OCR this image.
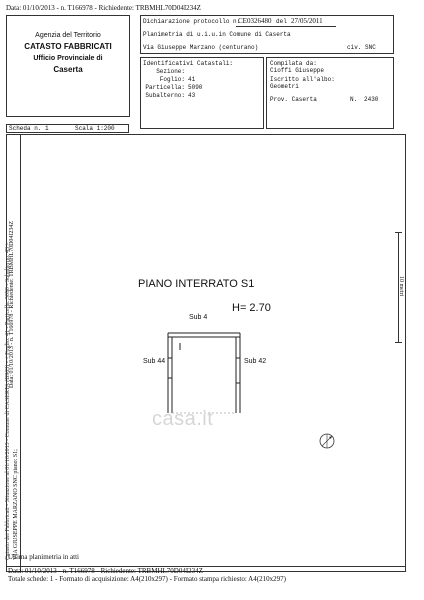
Data: 01/10/2013 - n. T166978 - Richiedente: TRBMHL70D04I234Z
Agenzia del Territorio
CATASTO FABBRICATI
Ufficio Provinciale di
Caserta
Dichiarazione protocollo n.
CE0326480 del 27/05/2011
Planimetria di u.i.u.in Comune di Caserta
Via Giuseppe Marzano (centurano)	civ. SNC
Identificativi Catastali:
Sezione:
Foglio: 41
Particella: 5090
Subalterno: 43
Compilata da:
Cioffi Giuseppe
Iscritto all'albo:
Geometri
Prov. Caserta	N. 2430
Scheda n. 1	Scala 1:200
Data: 01/10/2013 - n. T166978 - Richiedente: TRBMHL70D04I234Z
Catasto dei Fabbricati - Situazione al 01/10/2013 - Comune di CASERTA (B963) - < Foglio: 41 - Particella: 5090 - Subalterno: 43 > VIA GIUSEPPE MARZANO SNC piano: S1;
PIANO INTERRATO S1
H= 2.70
Sub 4
Sub 44	Sub 42
10 metri
casa.it
Ultima planimetria in atti
Data: 01/10/2013 - n. T166978 - Richiedente: TRBMHL70D04I234Z
Totale schede: 1 - Formato di acquisizione: A4(210x297) - Formato stampa richiesto: A4(210x297)
